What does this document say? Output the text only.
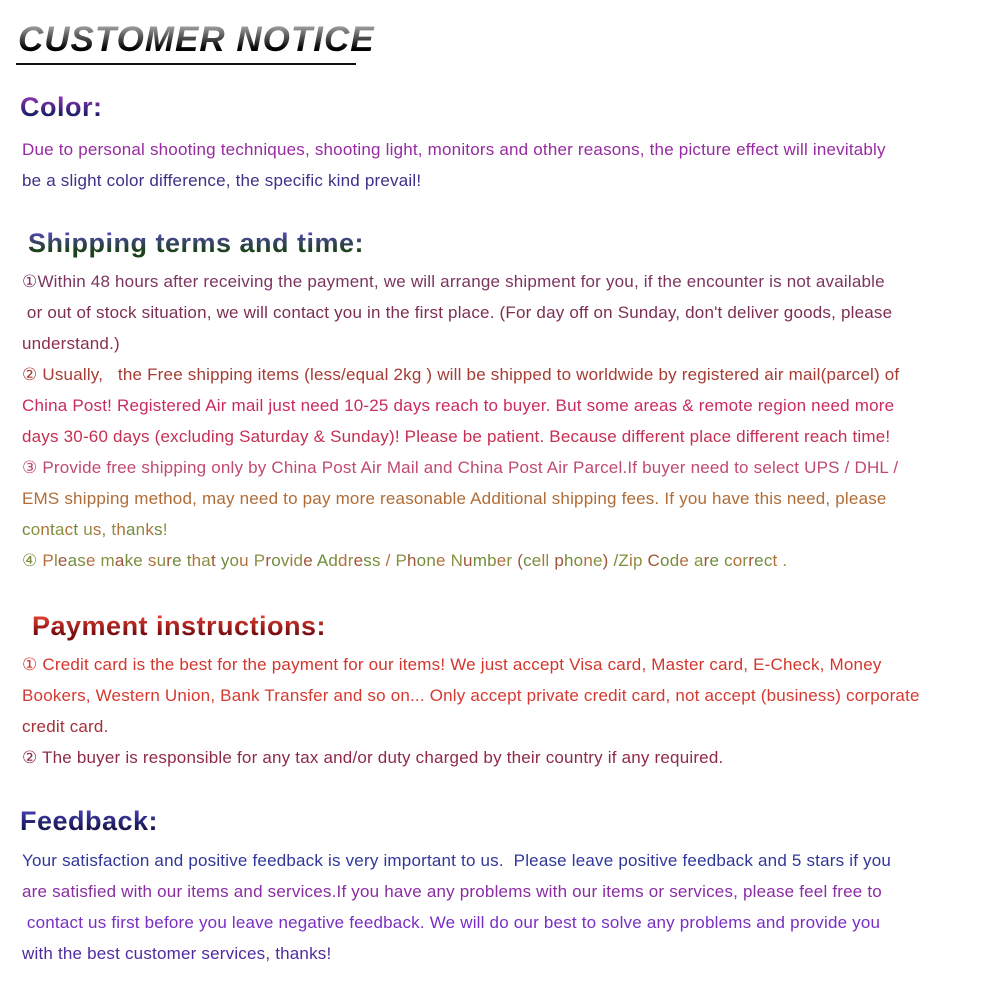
CUSTOMER NOTICE
Color:
Due to personal shooting techniques, shooting light, monitors and other reasons, the picture effect will inevitably
be a slight color difference, the specific kind prevail!
Shipping terms and time:
①Within 48 hours after receiving the payment, we will arrange shipment for you, if the encounter is not available
or out of stock situation, we will contact you in the first place. (For day off on Sunday, don't deliver goods, please
understand.)
② Usually,   the Free shipping items (less/equal 2kg ) will be shipped to worldwide by registered air mail(parcel) of
China Post! Registered Air mail just need 10-25 days reach to buyer. But some areas & remote region need more
days 30-60 days (excluding Saturday & Sunday)! Please be patient. Because different place different reach time!
③ Provide free shipping only by China Post Air Mail and China Post Air Parcel.If buyer need to select UPS / DHL /
EMS shipping method, may need to pay more reasonable Additional shipping fees. If you have this need, please
contact us, thanks!
④ Please make sure that you Provide Address / Phone Number (cell phone) /Zip Code are correct .
Payment instructions:
① Credit card is the best for the payment for our items! We just accept Visa card, Master card, E-Check, Money
Bookers, Western Union, Bank Transfer and so on... Only accept private credit card, not accept (business) corporate
credit card.
② The buyer is responsible for any tax and/or duty charged by their country if any required.
Feedback:
Your satisfaction and positive feedback is very important to us.  Please leave positive feedback and 5 stars if you
are satisfied with our items and services.If you have any problems with our items or services, please feel free to
contact us first before you leave negative feedback. We will do our best to solve any problems and provide you
with the best customer services, thanks!
